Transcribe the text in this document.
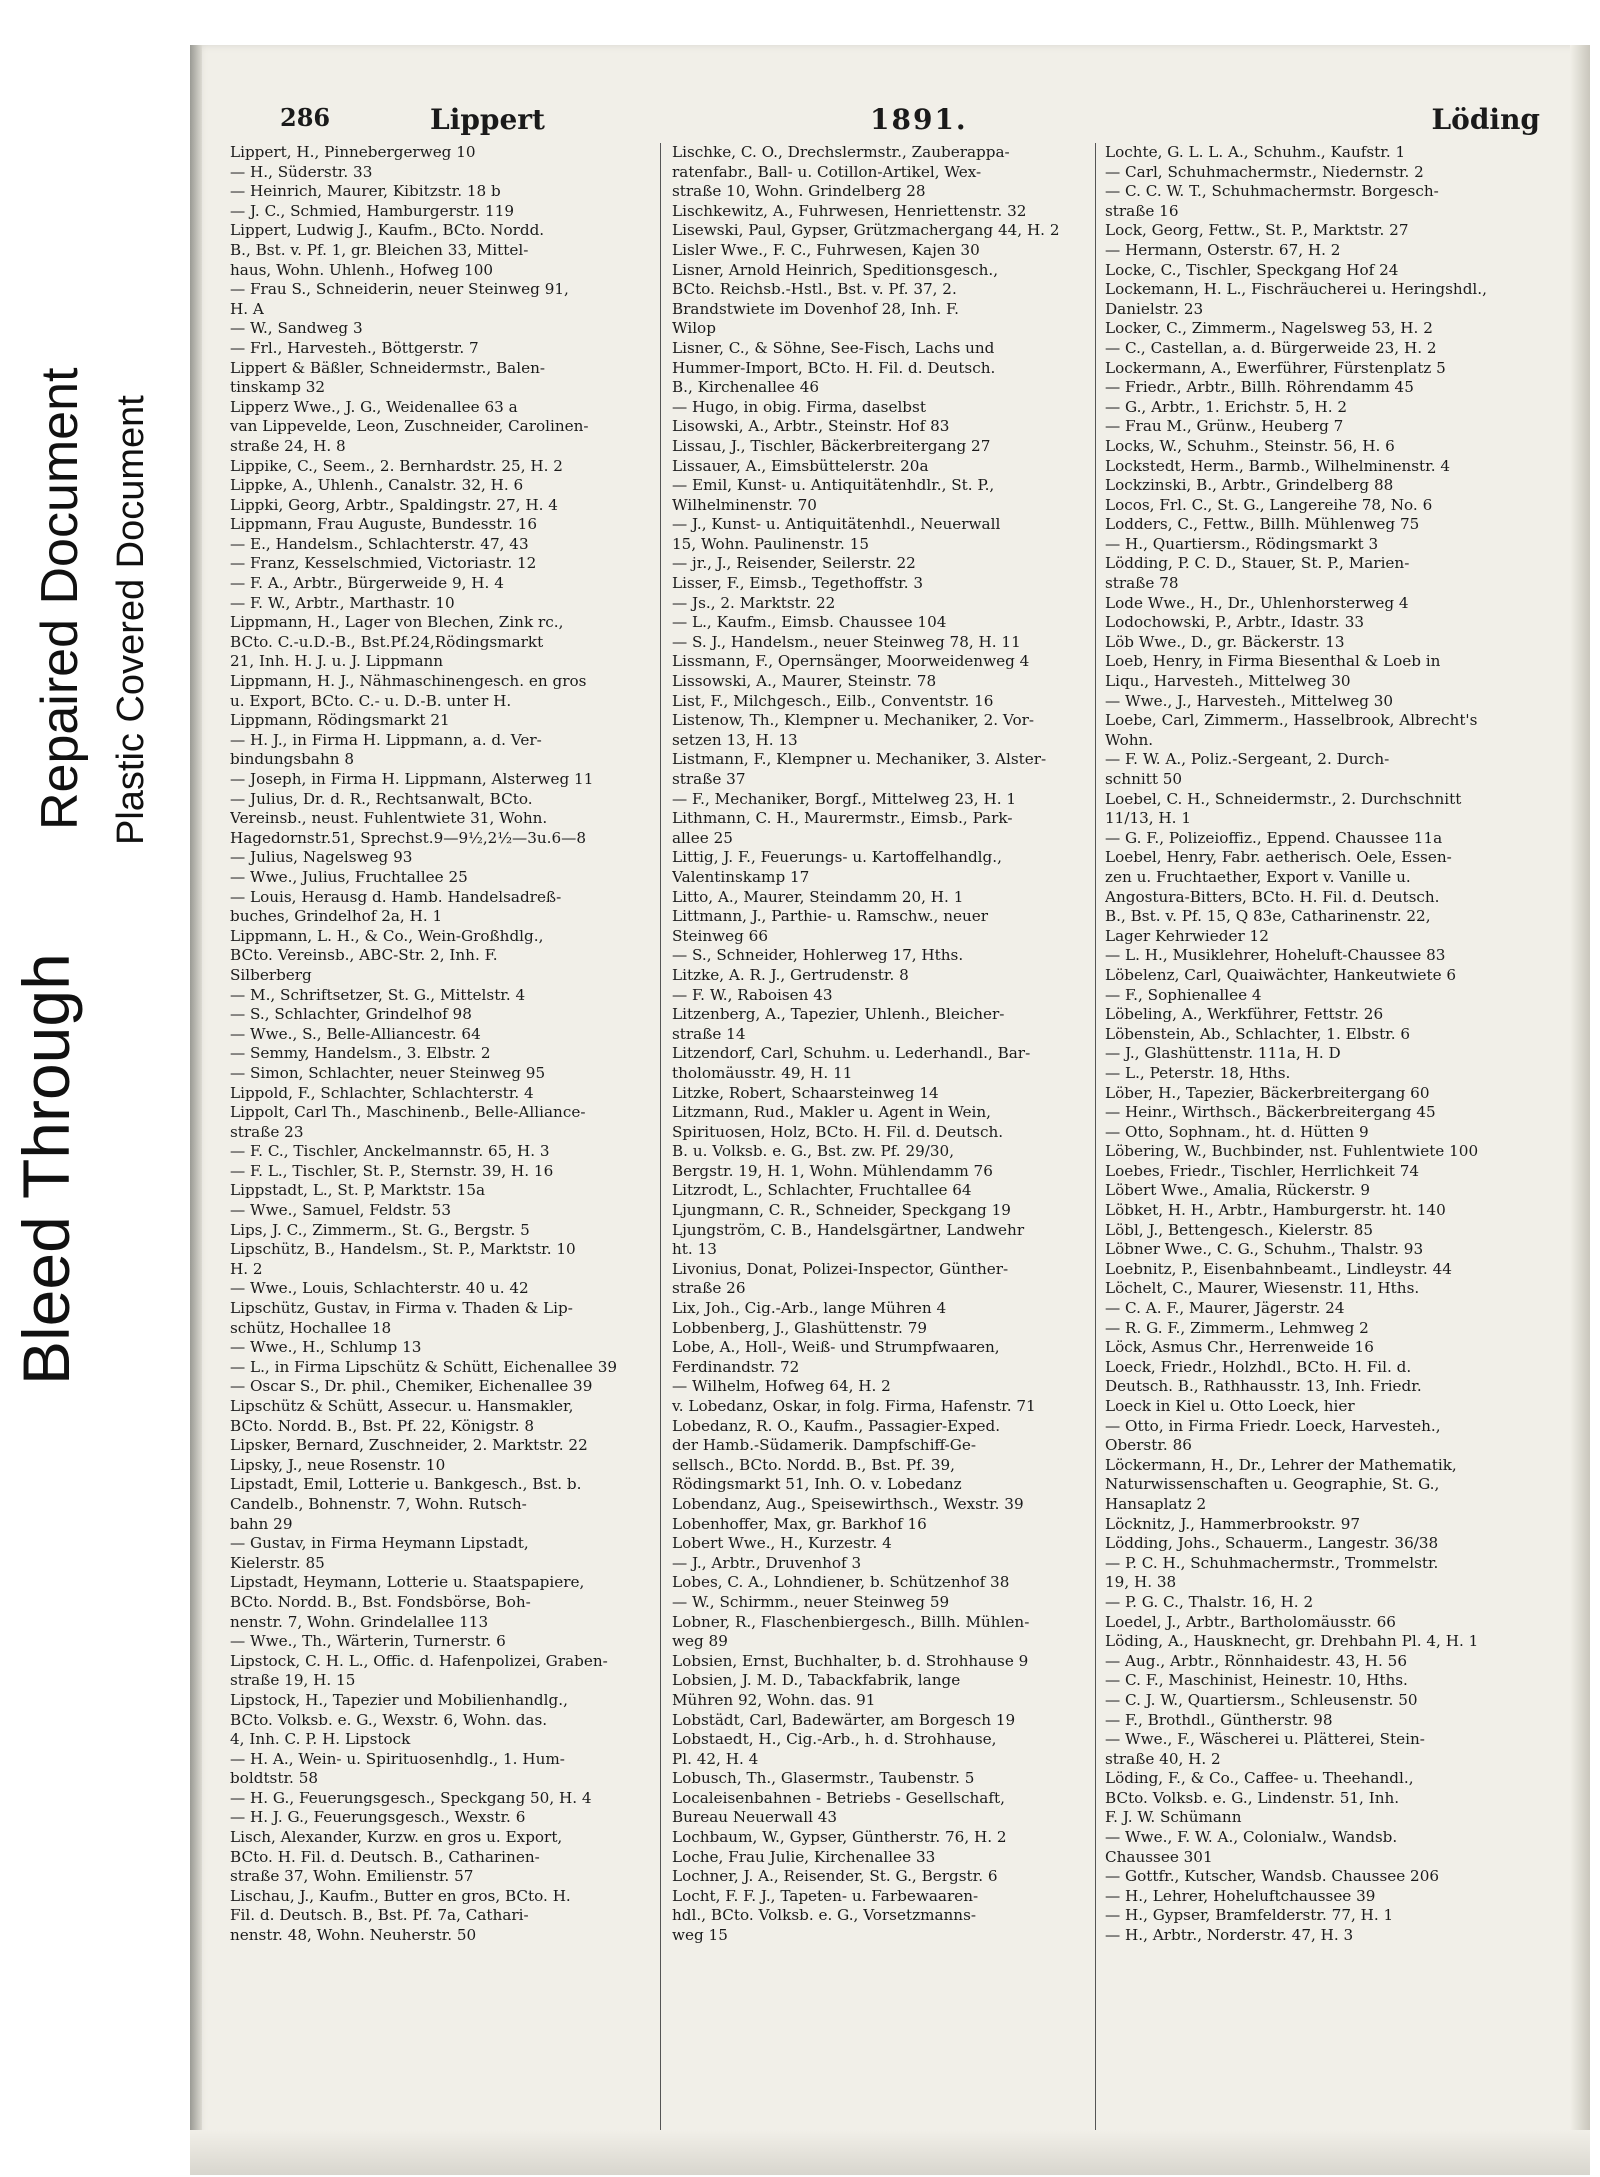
Bleed Through
Repaired Document Plastic Covered Document
286	Lippert	1891.	Löding
Lippert, H., Pinnebergerweg 10
— H., Süderstr. 33
— Heinrich, Maurer, Kibitzstr. 18 b
— J. C., Schmied, Hamburgerstr. 119
Lippert, Ludwig J., Kaufm., BCto. Nordd.
B., Bst. v. Pf. 1, gr. Bleichen 33, Mittel-
haus, Wohn. Uhlenh., Hofweg 100
— Frau S., Schneiderin, neuer Steinweg 91,
H. A
— W., Sandweg 3
— Frl., Harvesteh., Böttgerstr. 7
Lippert & Bäßler, Schneidermstr., Balen-
tinskamp 32
Lipperz Wwe., J. G., Weidenallee 63 a
van Lippevelde, Leon, Zuschneider, Carolinen-
straße 24, H. 8
Lippike, C., Seem., 2. Bernhardstr. 25, H. 2
Lippke, A., Uhlenh., Canalstr. 32, H. 6
Lippki, Georg, Arbtr., Spaldingstr. 27, H. 4
Lippmann, Frau Auguste, Bundesstr. 16
— E., Handelsm., Schlachterstr. 47, 43
— Franz, Kesselschmied, Victoriastr. 12
— F. A., Arbtr., Bürgerweide 9, H. 4
— F. W., Arbtr., Marthastr. 10
Lippmann, H., Lager von Blechen, Zink rc.,
BCto. C.-u.D.-B., Bst.Pf.24,Rödingsmarkt
21, Inh. H. J. u. J. Lippmann
Lippmann, H. J., Nähmaschinengesch. en gros
u. Export, BCto. C.- u. D.-B. unter H.
Lippmann, Rödingsmarkt 21
— H. J., in Firma H. Lippmann, a. d. Ver-
bindungsbahn 8
— Joseph, in Firma H. Lippmann, Alsterweg 11
— Julius, Dr. d. R., Rechtsanwalt, BCto.
Vereinsb., neust. Fuhlentwiete 31, Wohn.
Hagedornstr.51, Sprechst.9—9½,2½—3u.6—8
— Julius, Nagelsweg 93
— Wwe., Julius, Fruchtallee 25
— Louis, Herausg d. Hamb. Handelsadreß-
buches, Grindelhof 2a, H. 1
Lippmann, L. H., & Co., Wein-Großhdlg.,
BCto. Vereinsb., ABC-Str. 2, Inh. F.
Silberberg
— M., Schriftsetzer, St. G., Mittelstr. 4
— S., Schlachter, Grindelhof 98
— Wwe., S., Belle-Alliancestr. 64
— Semmy, Handelsm., 3. Elbstr. 2
— Simon, Schlachter, neuer Steinweg 95
Lippold, F., Schlachter, Schlachterstr. 4
Lippolt, Carl Th., Maschinenb., Belle-Alliance-
straße 23
— F. C., Tischler, Anckelmannstr. 65, H. 3
— F. L., Tischler, St. P., Sternstr. 39, H. 16
Lippstadt, L., St. P, Marktstr. 15a
— Wwe., Samuel, Feldstr. 53
Lips, J. C., Zimmerm., St. G., Bergstr. 5
Lipschütz, B., Handelsm., St. P., Marktstr. 10
H. 2
— Wwe., Louis, Schlachterstr. 40 u. 42
Lipschütz, Gustav, in Firma v. Thaden & Lip-
schütz, Hochallee 18
— Wwe., H., Schlump 13
— L., in Firma Lipschütz & Schütt, Eichenallee 39
— Oscar S., Dr. phil., Chemiker, Eichenallee 39
Lipschütz & Schütt, Assecur. u. Hansmakler,
BCto. Nordd. B., Bst. Pf. 22, Königstr. 8
Lipsker, Bernard, Zuschneider, 2. Marktstr. 22
Lipsky, J., neue Rosenstr. 10
Lipstadt, Emil, Lotterie u. Bankgesch., Bst. b.
Candelb., Bohnenstr. 7, Wohn. Rutsch-
bahn 29
— Gustav, in Firma Heymann Lipstadt,
Kielerstr. 85
Lipstadt, Heymann, Lotterie u. Staatspapiere,
BCto. Nordd. B., Bst. Fondsbörse, Boh-
nenstr. 7, Wohn. Grindelallee 113
— Wwe., Th., Wärterin, Turnerstr. 6
Lipstock, C. H. L., Offic. d. Hafenpolizei, Graben-
straße 19, H. 15
Lipstock, H., Tapezier und Mobilienhandlg.,
BCto. Volksb. e. G., Wexstr. 6, Wohn. das.
4, Inh. C. P. H. Lipstock
— H. A., Wein- u. Spirituosenhdlg., 1. Hum-
boldtstr. 58
— H. G., Feuerungsgesch., Speckgang 50, H. 4
— H. J. G., Feuerungsgesch., Wexstr. 6
Lisch, Alexander, Kurzw. en gros u. Export,
BCto. H. Fil. d. Deutsch. B., Catharinen-
straße 37, Wohn. Emilienstr. 57
Lischau, J., Kaufm., Butter en gros, BCto. H.
Fil. d. Deutsch. B., Bst. Pf. 7a, Cathari-
nenstr. 48, Wohn. Neuherstr. 50
Lischke, C. O., Drechslermstr., Zauberappa-
ratenfabr., Ball- u. Cotillon-Artikel, Wex-
straße 10, Wohn. Grindelberg 28
Lischkewitz, A., Fuhrwesen, Henriettenstr. 32
Lisewski, Paul, Gypser, Grützmachergang 44, H. 2
Lisler Wwe., F. C., Fuhrwesen, Kajen 30
Lisner, Arnold Heinrich, Speditionsgesch.,
BCto. Reichsb.-Hstl., Bst. v. Pf. 37, 2.
Brandstwiete im Dovenhof 28, Inh. F.
Wilop
Lisner, C., & Söhne, See-Fisch, Lachs und
Hummer-Import, BCto. H. Fil. d. Deutsch.
B., Kirchenallee 46
— Hugo, in obig. Firma, daselbst
Lisowski, A., Arbtr., Steinstr. Hof 83
Lissau, J., Tischler, Bäckerbreitergang 27
Lissauer, A., Eimsbüttelerstr. 20a
— Emil, Kunst- u. Antiquitätenhdlr., St. P.,
Wilhelminenstr. 70
— J., Kunst- u. Antiquitätenhdl., Neuerwall
15, Wohn. Paulinenstr. 15
— jr., J., Reisender, Seilerstr. 22
Lisser, F., Eimsb., Tegethoffstr. 3
— Js., 2. Marktstr. 22
— L., Kaufm., Eimsb. Chaussee 104
— S. J., Handelsm., neuer Steinweg 78, H. 11
Lissmann, F., Opernsänger, Moorweidenweg 4
Lissowski, A., Maurer, Steinstr. 78
List, F., Milchgesch., Eilb., Conventstr. 16
Listenow, Th., Klempner u. Mechaniker, 2. Vor-
setzen 13, H. 13
Listmann, F., Klempner u. Mechaniker, 3. Alster-
straße 37
— F., Mechaniker, Borgf., Mittelweg 23, H. 1
Lithmann, C. H., Maurermstr., Eimsb., Park-
allee 25
Littig, J. F., Feuerungs- u. Kartoffelhandlg.,
Valentinskamp 17
Litto, A., Maurer, Steindamm 20, H. 1
Littmann, J., Parthie- u. Ramschw., neuer
Steinweg 66
— S., Schneider, Hohlerweg 17, Hths.
Litzke, A. R. J., Gertrudenstr. 8
— F. W., Raboisen 43
Litzenberg, A., Tapezier, Uhlenh., Bleicher-
straße 14
Litzendorf, Carl, Schuhm. u. Lederhandl., Bar-
tholomäusstr. 49, H. 11
Litzke, Robert, Schaarsteinweg 14
Litzmann, Rud., Makler u. Agent in Wein,
Spirituosen, Holz, BCto. H. Fil. d. Deutsch.
B. u. Volksb. e. G., Bst. zw. Pf. 29/30,
Bergstr. 19, H. 1, Wohn. Mühlendamm 76
Litzrodt, L., Schlachter, Fruchtallee 64
Ljungmann, C. R., Schneider, Speckgang 19
Ljungström, C. B., Handelsgärtner, Landwehr
ht. 13
Livonius, Donat, Polizei-Inspector, Günther-
straße 26
Lix, Joh., Cig.-Arb., lange Mühren 4
Lobbenberg, J., Glashüttenstr. 79
Lobe, A., Holl-, Weiß- und Strumpfwaaren,
Ferdinandstr. 72
— Wilhelm, Hofweg 64, H. 2
v. Lobedanz, Oskar, in folg. Firma, Hafenstr. 71
Lobedanz, R. O., Kaufm., Passagier-Exped.
der Hamb.-Südamerik. Dampfschiff-Ge-
sellsch., BCto. Nordd. B., Bst. Pf. 39,
Rödingsmarkt 51, Inh. O. v. Lobedanz
Lobendanz, Aug., Speisewirthsch., Wexstr. 39
Lobenhoffer, Max, gr. Barkhof 16
Lobert Wwe., H., Kurzestr. 4
— J., Arbtr., Druvenhof 3
Lobes, C. A., Lohndiener, b. Schützenhof 38
— W., Schirmm., neuer Steinweg 59
Lobner, R., Flaschenbiergesch., Billh. Mühlen-
weg 89
Lobsien, Ernst, Buchhalter, b. d. Strohhause 9
Lobsien, J. M. D., Tabackfabrik, lange
Mühren 92, Wohn. das. 91
Lobstädt, Carl, Badewärter, am Borgesch 19
Lobstaedt, H., Cig.-Arb., h. d. Strohhause,
Pl. 42, H. 4
Lobusch, Th., Glasermstr., Taubenstr. 5
Localeisenbahnen - Betriebs - Gesellschaft,
Bureau Neuerwall 43
Lochbaum, W., Gypser, Güntherstr. 76, H. 2
Loche, Frau Julie, Kirchenallee 33
Lochner, J. A., Reisender, St. G., Bergstr. 6
Locht, F. F. J., Tapeten- u. Farbewaaren-
hdl., BCto. Volksb. e. G., Vorsetzmanns-
weg 15
Lochte, G. L. L. A., Schuhm., Kaufstr. 1
— Carl, Schuhmachermstr., Niedernstr. 2
— C. C. W. T., Schuhmachermstr. Borgesch-
straße 16
Lock, Georg, Fettw., St. P., Marktstr. 27
— Hermann, Osterstr. 67, H. 2
Locke, C., Tischler, Speckgang Hof 24
Lockemann, H. L., Fischräucherei u. Heringshdl.,
Danielstr. 23
Locker, C., Zimmerm., Nagelsweg 53, H. 2
— C., Castellan, a. d. Bürgerweide 23, H. 2
Lockermann, A., Ewerführer, Fürstenplatz 5
— Friedr., Arbtr., Billh. Röhrendamm 45
— G., Arbtr., 1. Erichstr. 5, H. 2
— Frau M., Grünw., Heuberg 7
Locks, W., Schuhm., Steinstr. 56, H. 6
Lockstedt, Herm., Barmb., Wilhelminenstr. 4
Lockzinski, B., Arbtr., Grindelberg 88
Locos, Frl. C., St. G., Langereihe 78, No. 6
Lodders, C., Fettw., Billh. Mühlenweg 75
— H., Quartiersm., Rödingsmarkt 3
Lödding, P. C. D., Stauer, St. P., Marien-
straße 78
Lode Wwe., H., Dr., Uhlenhorsterweg 4
Lodochowski, P., Arbtr., Idastr. 33
Löb Wwe., D., gr. Bäckerstr. 13
Loeb, Henry, in Firma Biesenthal & Loeb in
Liqu., Harvesteh., Mittelweg 30
— Wwe., J., Harvesteh., Mittelweg 30
Loebe, Carl, Zimmerm., Hasselbrook, Albrecht's
Wohn.
— F. W. A., Poliz.-Sergeant, 2. Durch-
schnitt 50
Loebel, C. H., Schneidermstr., 2. Durchschnitt
11/13, H. 1
— G. F., Polizeioffiz., Eppend. Chaussee 11a
Loebel, Henry, Fabr. aetherisch. Oele, Essen-
zen u. Fruchtaether, Export v. Vanille u.
Angostura-Bitters, BCto. H. Fil. d. Deutsch.
B., Bst. v. Pf. 15, Q 83e, Catharinenstr. 22,
Lager Kehrwieder 12
— L. H., Musiklehrer, Hoheluft-Chaussee 83
Löbelenz, Carl, Quaiwächter, Hankeutwiete 6
— F., Sophienallee 4
Löbeling, A., Werkführer, Fettstr. 26
Löbenstein, Ab., Schlachter, 1. Elbstr. 6
— J., Glashüttenstr. 111a, H. D
— L., Peterstr. 18, Hths.
Löber, H., Tapezier, Bäckerbreitergang 60
— Heinr., Wirthsch., Bäckerbreitergang 45
— Otto, Sophnam., ht. d. Hütten 9
Löbering, W., Buchbinder, nst. Fuhlentwiete 100
Loebes, Friedr., Tischler, Herrlichkeit 74
Löbert Wwe., Amalia, Rückerstr. 9
Löbket, H. H., Arbtr., Hamburgerstr. ht. 140
Löbl, J., Bettengesch., Kielerstr. 85
Löbner Wwe., C. G., Schuhm., Thalstr. 93
Loebnitz, P., Eisenbahnbeamt., Lindleystr. 44
Löchelt, C., Maurer, Wiesenstr. 11, Hths.
— C. A. F., Maurer, Jägerstr. 24
— R. G. F., Zimmerm., Lehmweg 2
Löck, Asmus Chr., Herrenweide 16
Loeck, Friedr., Holzhdl., BCto. H. Fil. d.
Deutsch. B., Rathhausstr. 13, Inh. Friedr.
Loeck in Kiel u. Otto Loeck, hier
— Otto, in Firma Friedr. Loeck, Harvesteh.,
Oberstr. 86
Löckermann, H., Dr., Lehrer der Mathematik,
Naturwissenschaften u. Geographie, St. G.,
Hansaplatz 2
Löcknitz, J., Hammerbrookstr. 97
Lödding, Johs., Schauerm., Langestr. 36/38
— P. C. H., Schuhmachermstr., Trommelstr.
19, H. 38
— P. G. C., Thalstr. 16, H. 2
Loedel, J., Arbtr., Bartholomäusstr. 66
Löding, A., Hausknecht, gr. Drehbahn Pl. 4, H. 1
— Aug., Arbtr., Rönnhaidestr. 43, H. 56
— C. F., Maschinist, Heinestr. 10, Hths.
— C. J. W., Quartiersm., Schleusenstr. 50
— F., Brothdl., Güntherstr. 98
— Wwe., F., Wäscherei u. Plätterei, Stein-
straße 40, H. 2
Löding, F., & Co., Caffee- u. Theehandl.,
BCto. Volksb. e. G., Lindenstr. 51, Inh.
F. J. W. Schümann
— Wwe., F. W. A., Colonialw., Wandsb.
Chaussee 301
— Gottfr., Kutscher, Wandsb. Chaussee 206
— H., Lehrer, Hoheluftchaussee 39
— H., Gypser, Bramfelderstr. 77, H. 1
— H., Arbtr., Norderstr. 47, H. 3
